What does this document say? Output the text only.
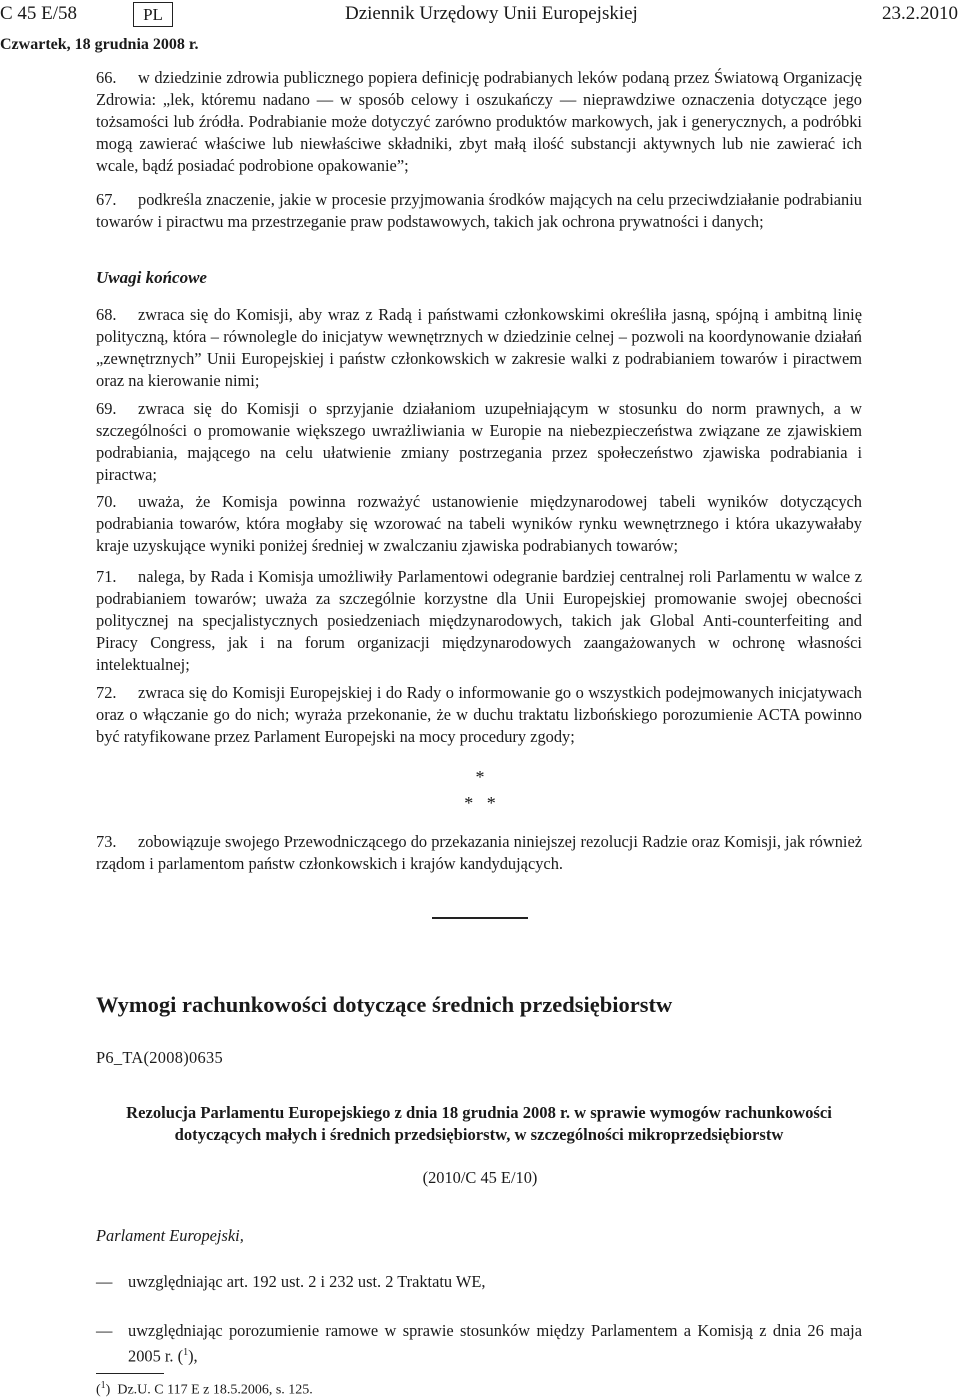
C 45 E/58	PL	Dziennik Urzędowy Unii Europejskiej	23.2.2010
Czwartek, 18 grudnia 2008 r.
66. w dziedzinie zdrowia publicznego popiera definicję podrabianych leków podaną przez Światową Organizację Zdrowia: „lek, któremu nadano — w sposób celowy i oszukańczy — nieprawdziwe oznaczenia dotyczące jego tożsamości lub źródła. Podrabianie może dotyczyć zarówno produktów markowych, jak i generycznych, a podróbki mogą zawierać właściwe lub niewłaściwe składniki, zbyt małą ilość substancji aktywnych lub nie zawierać ich wcale, bądź posiadać podrobione opakowanie”;
67. podkreśla znaczenie, jakie w procesie przyjmowania środków mających na celu przeciwdziałanie podrabianiu towarów i piractwu ma przestrzeganie praw podstawowych, takich jak ochrona prywatności i danych;
Uwagi końcowe
68. zwraca się do Komisji, aby wraz z Radą i państwami członkowskimi określiła jasną, spójną i ambitną linię polityczną, która – równolegle do inicjatyw wewnętrznych w dziedzinie celnej – pozwoli na koordynowanie działań „zewnętrznych” Unii Europejskiej i państw członkowskich w zakresie walki z podrabianiem towarów i piractwem oraz na kierowanie nimi;
69. zwraca się do Komisji o sprzyjanie działaniom uzupełniającym w stosunku do norm prawnych, a w szczególności o promowanie większego uwrażliwiania w Europie na niebezpieczeństwa związane ze zjawiskiem podrabiania, mającego na celu ułatwienie zmiany postrzegania przez społeczeństwo zjawiska podrabiania i piractwa;
70. uważa, że Komisja powinna rozważyć ustanowienie międzynarodowej tabeli wyników dotyczących podrabiania towarów, która mogłaby się wzorować na tabeli wyników rynku wewnętrznego i która ukazywałaby kraje uzyskujące wyniki poniżej średniej w zwalczaniu zjawiska podrabianych towarów;
71. nalega, by Rada i Komisja umożliwiły Parlamentowi odegranie bardziej centralnej roli Parlamentu w walce z podrabianiem towarów; uważa za szczególnie korzystne dla Unii Europejskiej promowanie swojej obecności politycznej na specjalistycznych posiedzeniach międzynarodowych, takich jak Global Anti-counterfeiting and Piracy Congress, jak i na forum organizacji międzynarodowych zaangażowanych w ochronę własności intelektualnej;
72. zwraca się do Komisji Europejskiej i do Rady o informowanie go o wszystkich podejmowanych inicjatywach oraz o włączanie go do nich; wyraża przekonanie, że w duchu traktatu lizbońskiego porozumienie ACTA powinno być ratyfikowane przez Parlament Europejski na mocy procedury zgody;
*
*   *
73. zobowiązuje swojego Przewodniczącego do przekazania niniejszej rezolucji Radzie oraz Komisji, jak również rządom i parlamentom państw członkowskich i krajów kandydujących.
Wymogi rachunkowości dotyczące średnich przedsiębiorstw
P6_TA(2008)0635
Rezolucja Parlamentu Europejskiego z dnia 18 grudnia 2008 r. w sprawie wymogów rachunkowości
dotyczących małych i średnich przedsiębiorstw, w szczególności mikroprzedsiębiorstw
(2010/C 45 E/10)
Parlament Europejski,
— uwzględniając art. 192 ust. 2 i 232 ust. 2 Traktatu WE,
— uwzględniając porozumienie ramowe w sprawie stosunków między Parlamentem a Komisją z dnia 26 maja 2005 r. ($^1$),
($^1$)  Dz.U. C 117 E z 18.5.2006, s. 125.
